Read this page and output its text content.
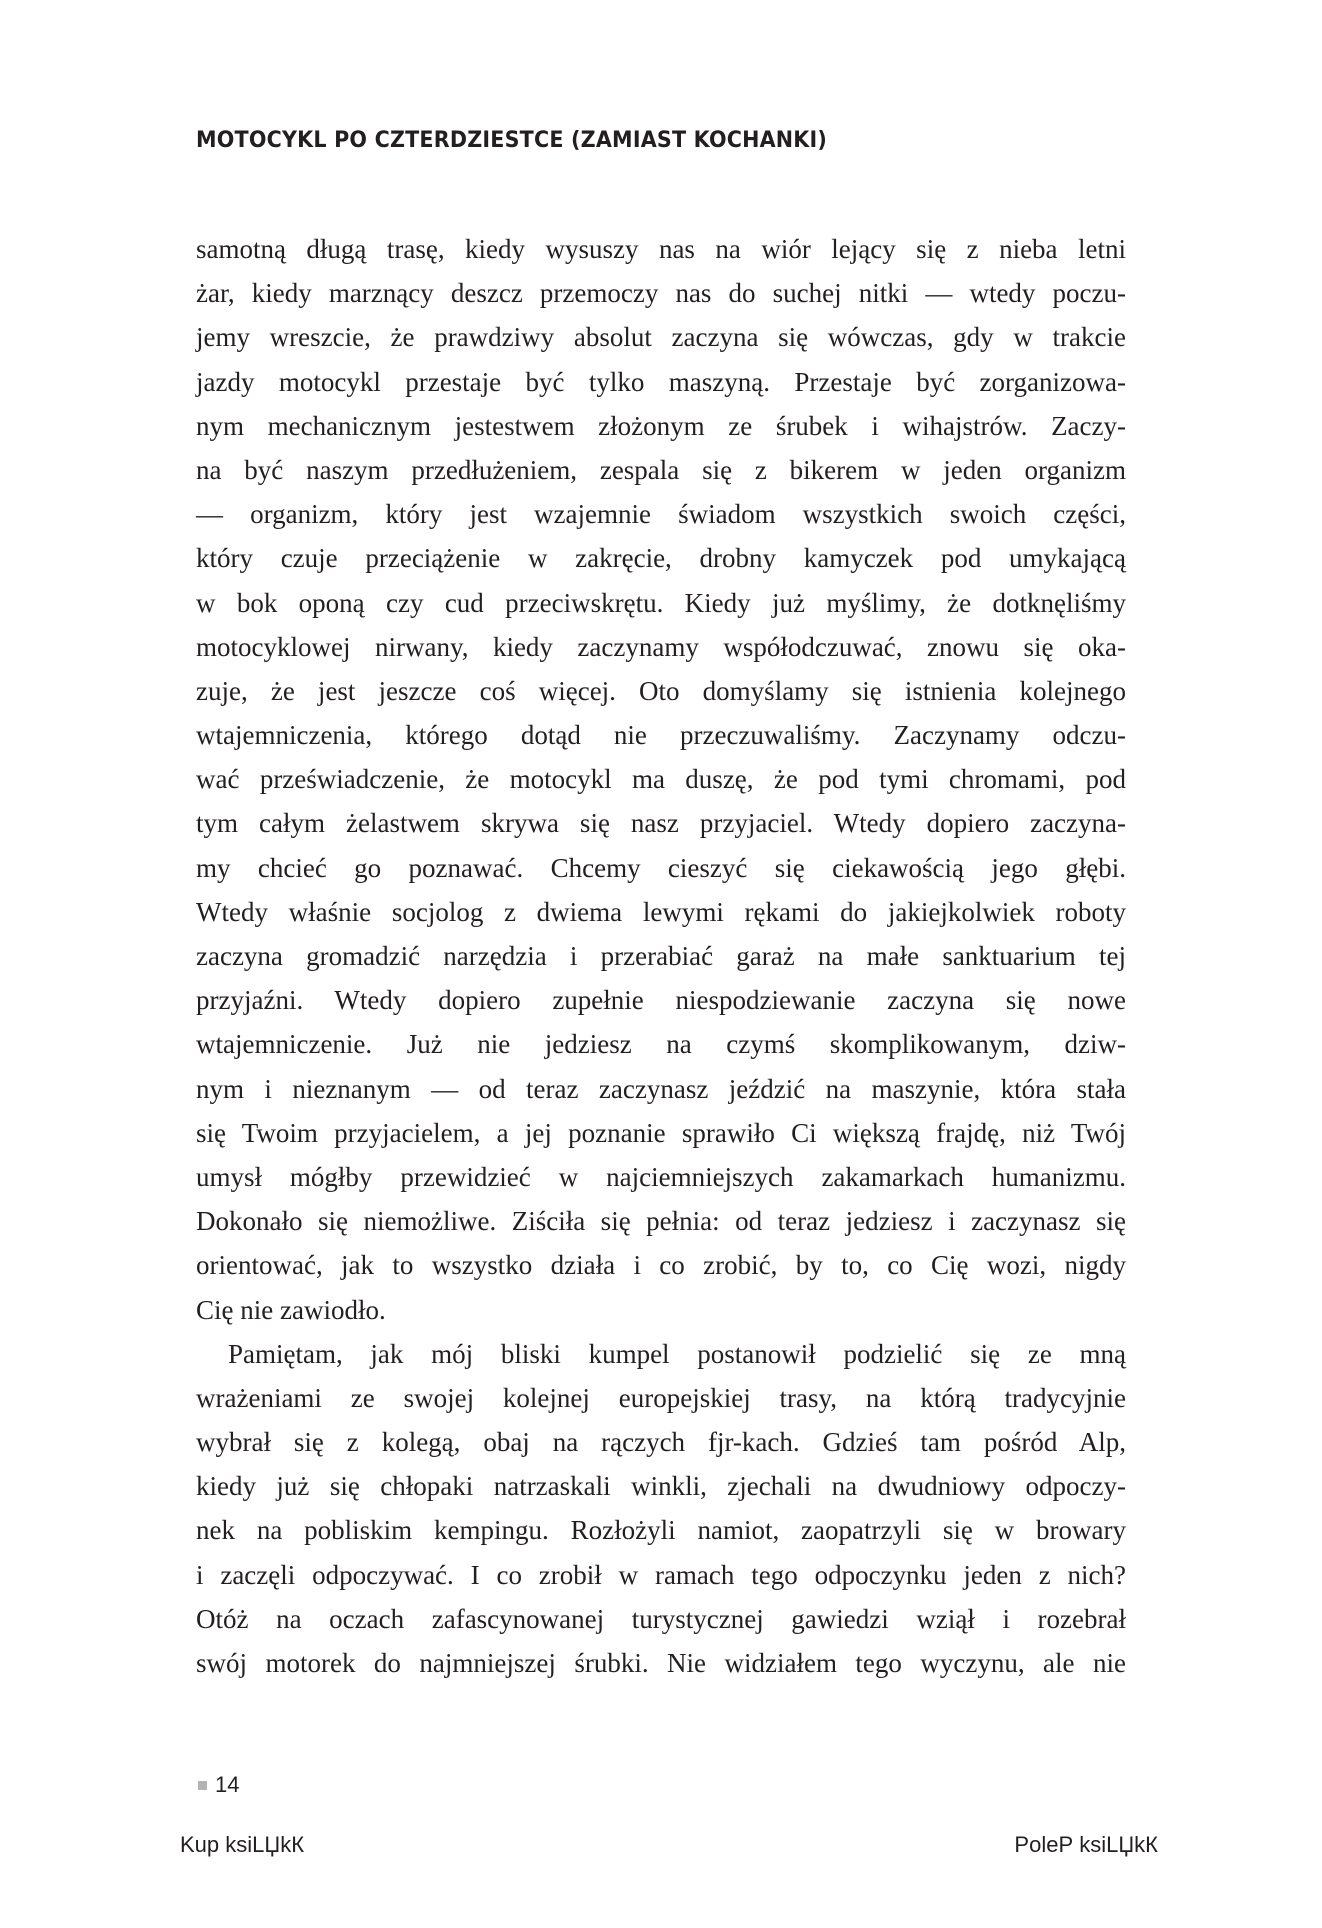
MOTOCYKL PO CZTERDZIESTCE (ZAMIAST KOCHANKI)
samotną długą trasę, kiedy wysuszy nas na wiór lejący się z nieba letni
żar, kiedy marznący deszcz przemoczy nas do suchej nitki — wtedy poczu-
jemy wreszcie, że prawdziwy absolut zaczyna się wówczas, gdy w trakcie
jazdy motocykl przestaje być tylko maszyną. Przestaje być zorganizowa-
nym mechanicznym jestestwem złożonym ze śrubek i wihajstrów. Zaczy-
na być naszym przedłużeniem, zespala się z bikerem w jeden organizm
— organizm, który jest wzajemnie świadom wszystkich swoich części,
który czuje przeciążenie w zakręcie, drobny kamyczek pod umykającą
w bok oponą czy cud przeciwskrętu. Kiedy już myślimy, że dotknęliśmy
motocyklowej nirwany, kiedy zaczynamy współodczuwać, znowu się oka-
zuje, że jest jeszcze coś więcej. Oto domyślamy się istnienia kolejnego
wtajemniczenia, którego dotąd nie przeczuwaliśmy. Zaczynamy odczu-
wać przeświadczenie, że motocykl ma duszę, że pod tymi chromami, pod
tym całym żelastwem skrywa się nasz przyjaciel. Wtedy dopiero zaczyna-
my chcieć go poznawać. Chcemy cieszyć się ciekawością jego głębi.
Wtedy właśnie socjolog z dwiema lewymi rękami do jakiejkolwiek roboty
zaczyna gromadzić narzędzia i przerabiać garaż na małe sanktuarium tej
przyjaźni. Wtedy dopiero zupełnie niespodziewanie zaczyna się nowe
wtajemniczenie. Już nie jedziesz na czymś skomplikowanym, dziw-
nym i nieznanym — od teraz zaczynasz jeździć na maszynie, która stała
się Twoim przyjacielem, a jej poznanie sprawiło Ci większą frajdę, niż Twój
umysł mógłby przewidzieć w najciemniejszych zakamarkach humanizmu.
Dokonało się niemożliwe. Ziściła się pełnia: od teraz jedziesz i zaczynasz się
orientować, jak to wszystko działa i co zrobić, by to, co Cię wozi, nigdy
Cię nie zawiodło.
Pamiętam, jak mój bliski kumpel postanowił podzielić się ze mną
wrażeniami ze swojej kolejnej europejskiej trasy, na którą tradycyjnie
wybrał się z kolegą, obaj na rączych fjr-kach. Gdzieś tam pośród Alp,
kiedy już się chłopaki natrzaskali winkli, zjechali na dwudniowy odpoczy-
nek na pobliskim kempingu. Rozłożyli namiot, zaopatrzyli się w browary
i zaczęli odpoczywać. I co zrobił w ramach tego odpoczynku jeden z nich?
Otóż na oczach zafascynowanej turystycznej gawiedzi wziął i rozebrał
swój motorek do najmniejszej śrubki. Nie widziałem tego wyczynu, ale nie
14
Kup ksiLЏkК	PoleР ksiLЏkК
